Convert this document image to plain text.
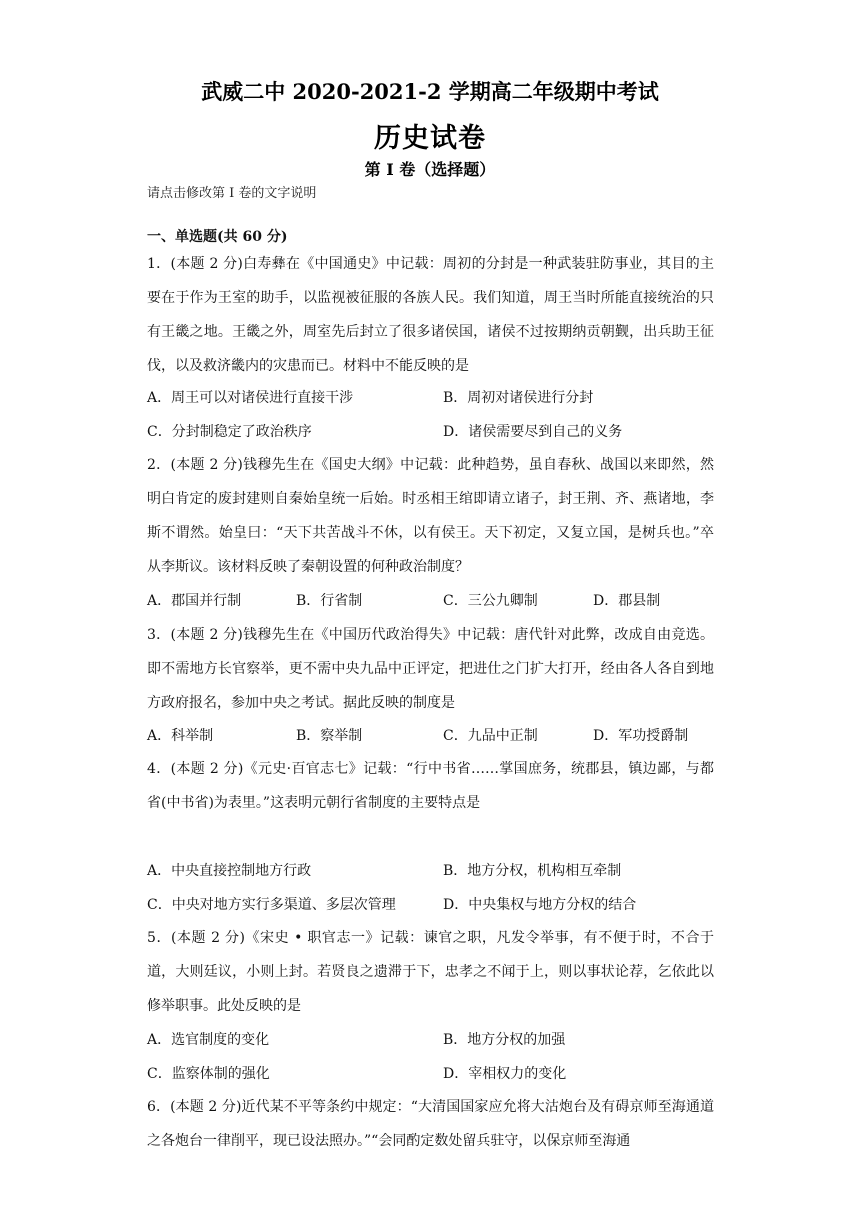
武威二中 2020-2021-2 学期高二年级期中考试
历史试卷
第 I 卷（选择题）
请点击修改第 I 卷的文字说明
一、单选题(共 60 分)
1．(本题 2 分)白寿彝在《中国通史》中记载：周初的分封是一种武装驻防事业，其目的主要在于作为王室的助手，以监视被征服的各族人民。我们知道，周王当时所能直接统治的只有王畿之地。王畿之外，周室先后封立了很多诸侯国，诸侯不过按期纳贡朝觐，出兵助王征伐，以及救济畿内的灾患而已。材料中不能反映的是
A．周王可以对诸侯进行直接干涉	B．周初对诸侯进行分封
C．分封制稳定了政治秩序	D．诸侯需要尽到自己的义务
2．(本题 2 分)钱穆先生在《国史大纲》中记载：此种趋势，虽自春秋、战国以来即然，然明白肯定的废封建则自秦始皇统一后始。时丞相王绾即请立诸子，封王荆、齐、燕诸地，李斯不谓然。始皇曰：“天下共苦战斗不休，以有侯王。天下初定，又复立国，是树兵也。”卒从李斯议。该材料反映了秦朝设置的何种政治制度？
A．郡国并行制	B．行省制	C．三公九卿制	D．郡县制
3．(本题 2 分)钱穆先生在《中国历代政治得失》中记载：唐代针对此弊，改成自由竞选。即不需地方长官察举，更不需中央九品中正评定，把进仕之门扩大打开，经由各人各自到地方政府报名，参加中央之考试。据此反映的制度是
A．科举制	B．察举制	C．九品中正制	D．军功授爵制
4．(本题 2 分)《元史·百官志七》记载：“行中书省……掌国庶务，统郡县，镇边鄙，与都省(中书省)为表里。”这表明元朝行省制度的主要特点是
A．中央直接控制地方行政	B．地方分权，机构相互牵制
C．中央对地方实行多渠道、多层次管理	D．中央集权与地方分权的结合
5．(本题 2 分)《宋史 • 职官志一》记载：谏官之职，凡发令举事，有不便于时，不合于道，大则廷议，小则上封。若贤良之遗滞于下，忠孝之不闻于上，则以事状论荐，乞依此以修举职事。此处反映的是
A．选官制度的变化	B．地方分权的加强
C．监察体制的强化	D．宰相权力的变化
6．(本题 2 分)近代某不平等条约中规定：“大清国国家应允将大沽炮台及有碍京师至海通道之各炮台一律削平，现已设法照办。”“会同酌定数处留兵驻守，以保京师至海通
